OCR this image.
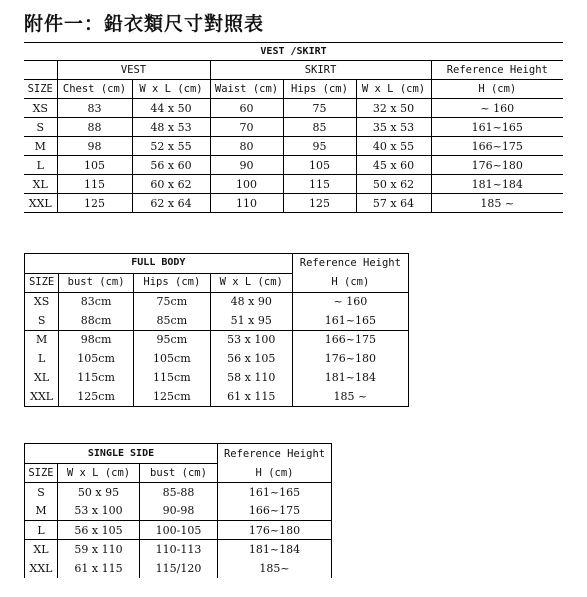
附件一：鉛衣類尺寸對照表
VEST /SKIRT						
	VEST		SKIRT			Reference Height
SIZE	Chest (cm)	W x L (cm)	Waist (cm)	Hips (cm)	W x L (cm)	H (cm)
XS	83	44 x 50	60	75	32 x 50	~ 160
S	88	48 x 53	70	85	35 x 53	161~165
M	98	52 x 55	80	95	40 x 55	166~175
L	105	56 x 60	90	105	45 x 60	176~180
XL	115	60 x 62	100	115	50 x 62	181~184
XXL	125	62 x 64	110	125	57 x 64	185 ~
FULL BODY				Reference Height

SIZE	bust (cm)	Hips (cm)	W x L (cm)	H (cm)
XS	83cm	75cm	48 x 90	~ 160
S	88cm	85cm	51 x 95	161~165
M	98cm	95cm	53 x 100	166~175
L	105cm	105cm	56 x 105	176~180
XL	115cm	115cm	58 x 110	181~184
XXL	125cm	125cm	61 x 115	185 ~
SINGLE SIDE			Reference Height
SIZE	W x L (cm)	bust (cm)	H (cm)
S	50 x 95	85-88	161~165
M	53 x 100	90-98	166~175
L	56 x 105	100-105	176~180
XL	59 x 110	110-113	181~184
XXL	61 x 115	115/120	185~
